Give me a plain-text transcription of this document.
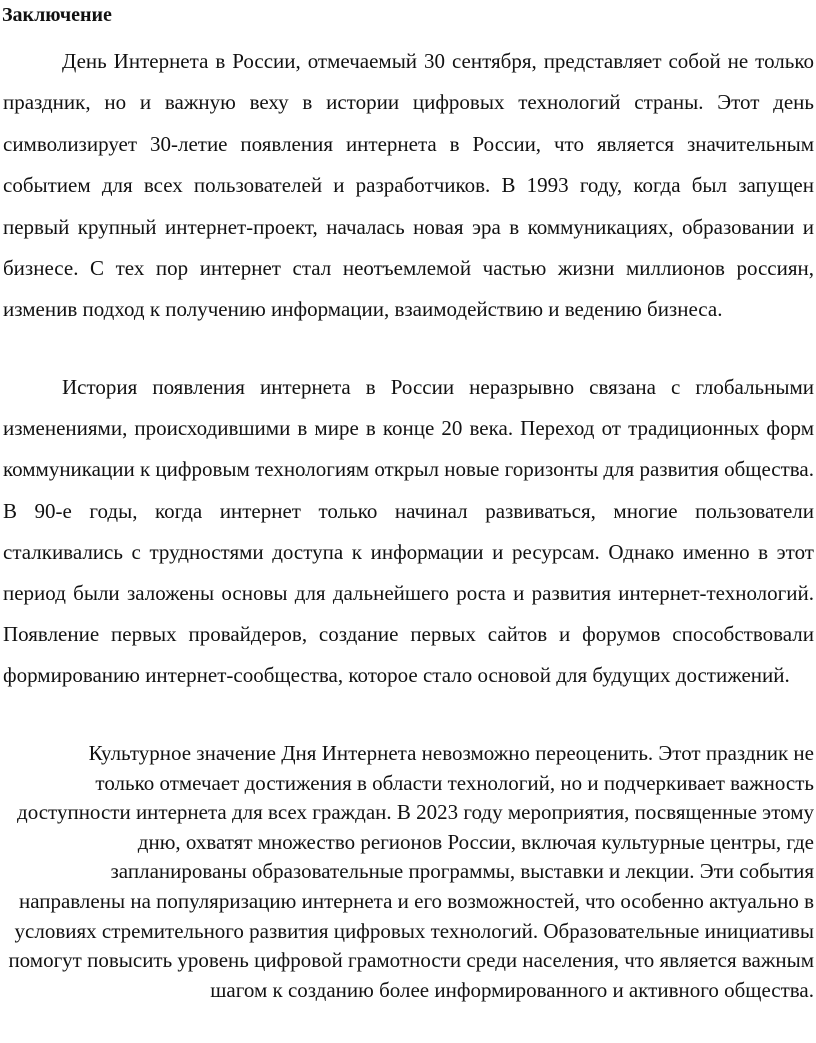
Заключение

День Интернета в России, отмечаемый 30 сентября, представляет собой не только праздник, но и важную веху в истории цифровых технологий страны. Этот день символизирует 30-летие появления интернета в России, что является значительным событием для всех пользователей и разработчиков. В 1993 году, когда был запущен первый крупный интернет-проект, началась новая эра в коммуникациях, образовании и бизнесе. С тех пор интернет стал неотъемлемой частью жизни миллионов россиян, изменив подход к получению информации, взаимодействию и ведению бизнеса.

История появления интернета в России неразрывно связана с глобальными изменениями, происходившими в мире в конце 20 века. Переход от традиционных форм коммуникации к цифровым технологиям открыл новые горизонты для развития общества. В 90-е годы, когда интернет только начинал развиваться, многие пользователи сталкивались с трудностями доступа к информации и ресурсам. Однако именно в этот период были заложены основы для дальнейшего роста и развития интернет-технологий. Появление первых провайдеров, создание первых сайтов и форумов способствовали формированию интернет-сообщества, которое стало основой для будущих достижений.

Культурное значение Дня Интернета невозможно переоценить. Этот праздник не только отмечает достижения в области технологий, но и подчеркивает важность доступности интернета для всех граждан. В 2023 году мероприятия, посвященные этому дню, охватят множество регионов России, включая культурные центры, где запланированы образовательные программы, выставки и лекции. Эти события направлены на популяризацию интернета и его возможностей, что особенно актуально в условиях стремительного развития цифровых технологий. Образовательные инициативы помогут повысить уровень цифровой грамотности среди населения, что является важным шагом к созданию более информированного и активного общества.
